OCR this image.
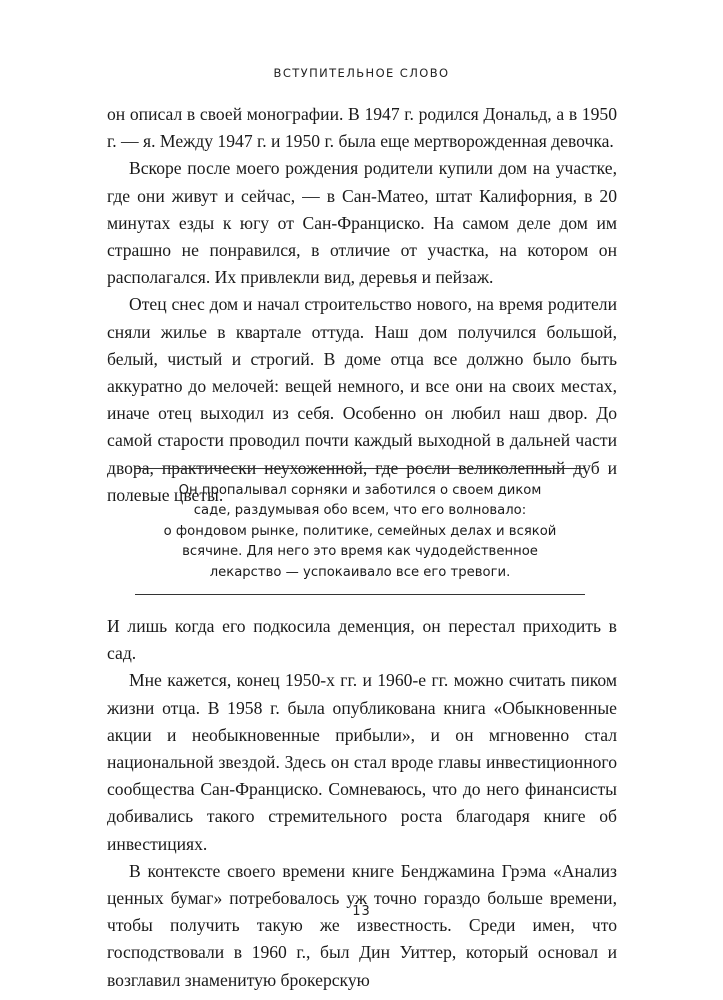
ВСТУПИТЕЛЬНОЕ СЛОВО

он описал в своей монографии. В 1947 г. родился Дональд, а в 1950 г. — я. Между 1947 г. и 1950 г. была еще мертворожденная девочка.

Вскоре после моего рождения родители купили дом на участке, где они живут и сейчас, — в Сан-Матео, штат Калифорния, в 20 минутах езды к югу от Сан-Франциско. На самом деле дом им страшно не понравился, в отличие от участка, на котором он располагался. Их привлекли вид, деревья и пейзаж.

Отец снес дом и начал строительство нового, на время родители сняли жилье в квартале оттуда. Наш дом получился большой, белый, чистый и строгий. В доме отца все должно было быть аккуратно до мелочей: вещей немного, и все они на своих местах, иначе отец выходил из себя. Особенно он любил наш двор. До самой старости проводил почти каждый выходной в дальней части двора, практически неухоженной, где росли великолепный дуб и полевые цветы.

Он пропалывал сорняки и заботился о своем диком
саде, раздумывая обо всем, что его волновало:
о фондовом рынке, политике, семейных делах и всякой
всячине. Для него это время как чудодейственное
лекарство — успокаивало все его тревоги.

И лишь когда его подкосила деменция, он перестал приходить в сад.

Мне кажется, конец 1950-х гг. и 1960-е гг. можно считать пиком жизни отца. В 1958 г. была опубликована книга «Обыкновенные акции и необыкновенные прибыли», и он мгновенно стал национальной звездой. Здесь он стал вроде главы инвестиционного сообщества Сан-Франциско. Сомневаюсь, что до него финансисты добивались такого стремительного роста благодаря книге об инвестициях.

В контексте своего времени книге Бенджамина Грэма «Анализ ценных бумаг» потребовалось уж точно гораздо больше времени, чтобы получить такую же известность. Среди имен, что господствовали в 1960 г., был Дин Уиттер, который основал и возглавил знаменитую брокерскую

13
